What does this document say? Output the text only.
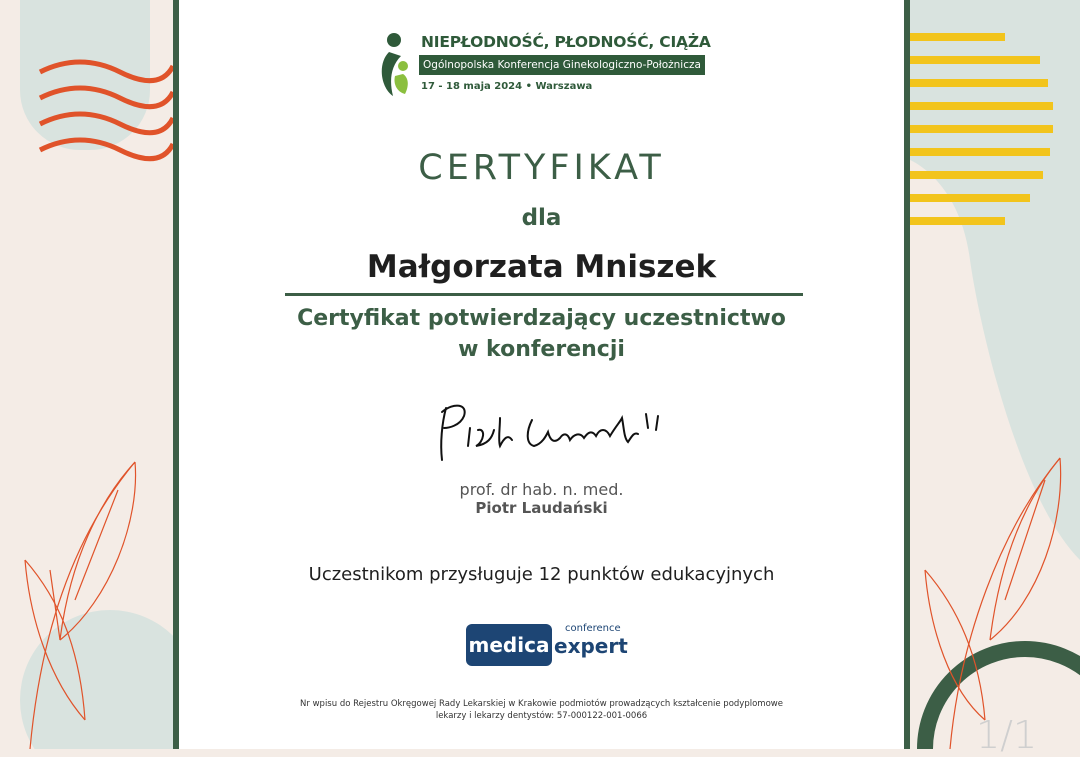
NIEPŁODNOŚĆ, PŁODNOŚĆ, CIĄŻA
Ogólnopolska Konferencja Ginekologiczno-Położnicza
17 - 18 maja 2024 • Warszawa
CERTYFIKAT
dla
Małgorzata Mniszek
Certyfikat potwierdzający uczestnictwo
w konferencji
prof. dr hab. n. med.
Piotr Laudański
Uczestnikom przysługuje 12 punktów edukacyjnych
medica expert
conference
Nr wpisu do Rejestru Okręgowej Rady Lekarskiej w Krakowie podmiotów prowadzących kształcenie podyplomowe
lekarzy i lekarzy dentystów: 57-000122-001-0066	1/1
